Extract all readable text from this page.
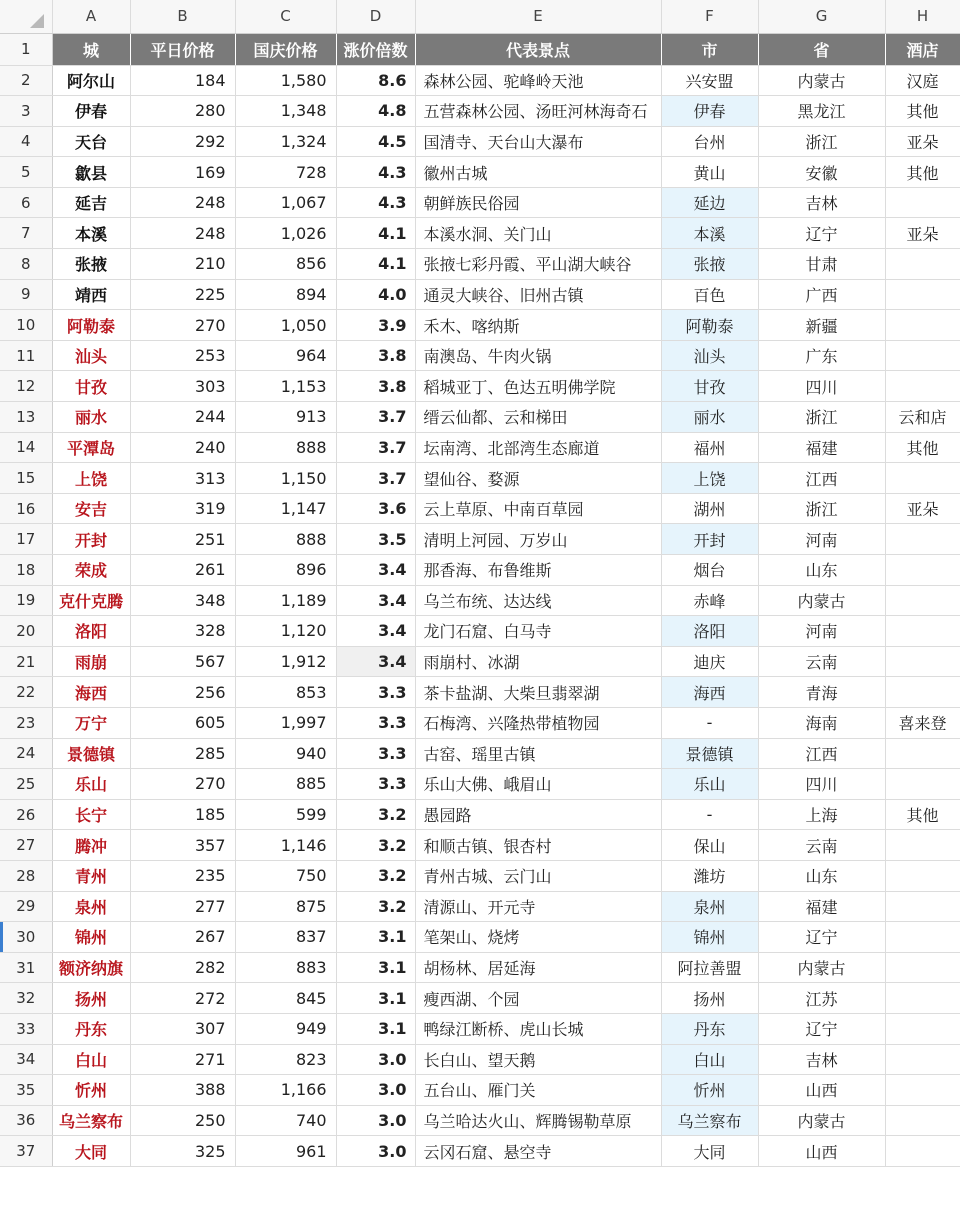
	A	B	C	D	E	F	G	H
1	城	平日价格	国庆价格	涨价倍数	代表景点	市	省	酒店
2	阿尔山	184	1,580	8.6	森林公园、驼峰岭天池	兴安盟	内蒙古	汉庭
3	伊春	280	1,348	4.8	五营森林公园、汤旺河林海奇石	伊春	黑龙江	其他
4	天台	292	1,324	4.5	国清寺、天台山大瀑布	台州	浙江	亚朵
5	歙县	169	728	4.3	徽州古城	黄山	安徽	其他
6	延吉	248	1,067	4.3	朝鲜族民俗园	延边	吉林	
7	本溪	248	1,026	4.1	本溪水洞、关门山	本溪	辽宁	亚朵
8	张掖	210	856	4.1	张掖七彩丹霞、平山湖大峡谷	张掖	甘肃	
9	靖西	225	894	4.0	通灵大峡谷、旧州古镇	百色	广西	
10	阿勒泰	270	1,050	3.9	禾木、喀纳斯	阿勒泰	新疆	
11	汕头	253	964	3.8	南澳岛、牛肉火锅	汕头	广东	
12	甘孜	303	1,153	3.8	稻城亚丁、色达五明佛学院	甘孜	四川	
13	丽水	244	913	3.7	缙云仙都、云和梯田	丽水	浙江	云和店
14	平潭岛	240	888	3.7	坛南湾、北部湾生态廊道	福州	福建	其他
15	上饶	313	1,150	3.7	望仙谷、婺源	上饶	江西	
16	安吉	319	1,147	3.6	云上草原、中南百草园	湖州	浙江	亚朵
17	开封	251	888	3.5	清明上河园、万岁山	开封	河南	
18	荣成	261	896	3.4	那香海、布鲁维斯	烟台	山东	
19	克什克腾	348	1,189	3.4	乌兰布统、达达线	赤峰	内蒙古	
20	洛阳	328	1,120	3.4	龙门石窟、白马寺	洛阳	河南	
21	雨崩	567	1,912	3.4	雨崩村、冰湖	迪庆	云南	
22	海西	256	853	3.3	茶卡盐湖、大柴旦翡翠湖	海西	青海	
23	万宁	605	1,997	3.3	石梅湾、兴隆热带植物园	-	海南	喜来登
24	景德镇	285	940	3.3	古窑、瑶里古镇	景德镇	江西	
25	乐山	270	885	3.3	乐山大佛、峨眉山	乐山	四川	
26	长宁	185	599	3.2	愚园路	-	上海	其他
27	腾冲	357	1,146	3.2	和顺古镇、银杏村	保山	云南	
28	青州	235	750	3.2	青州古城、云门山	潍坊	山东	
29	泉州	277	875	3.2	清源山、开元寺	泉州	福建	
30	锦州	267	837	3.1	笔架山、烧烤	锦州	辽宁	
31	额济纳旗	282	883	3.1	胡杨林、居延海	阿拉善盟	内蒙古	
32	扬州	272	845	3.1	瘦西湖、个园	扬州	江苏	
33	丹东	307	949	3.1	鸭绿江断桥、虎山长城	丹东	辽宁	
34	白山	271	823	3.0	长白山、望天鹅	白山	吉林	
35	忻州	388	1,166	3.0	五台山、雁门关	忻州	山西	
36	乌兰察布	250	740	3.0	乌兰哈达火山、辉腾锡勒草原	乌兰察布	内蒙古	
37	大同	325	961	3.0	云冈石窟、悬空寺	大同	山西	
